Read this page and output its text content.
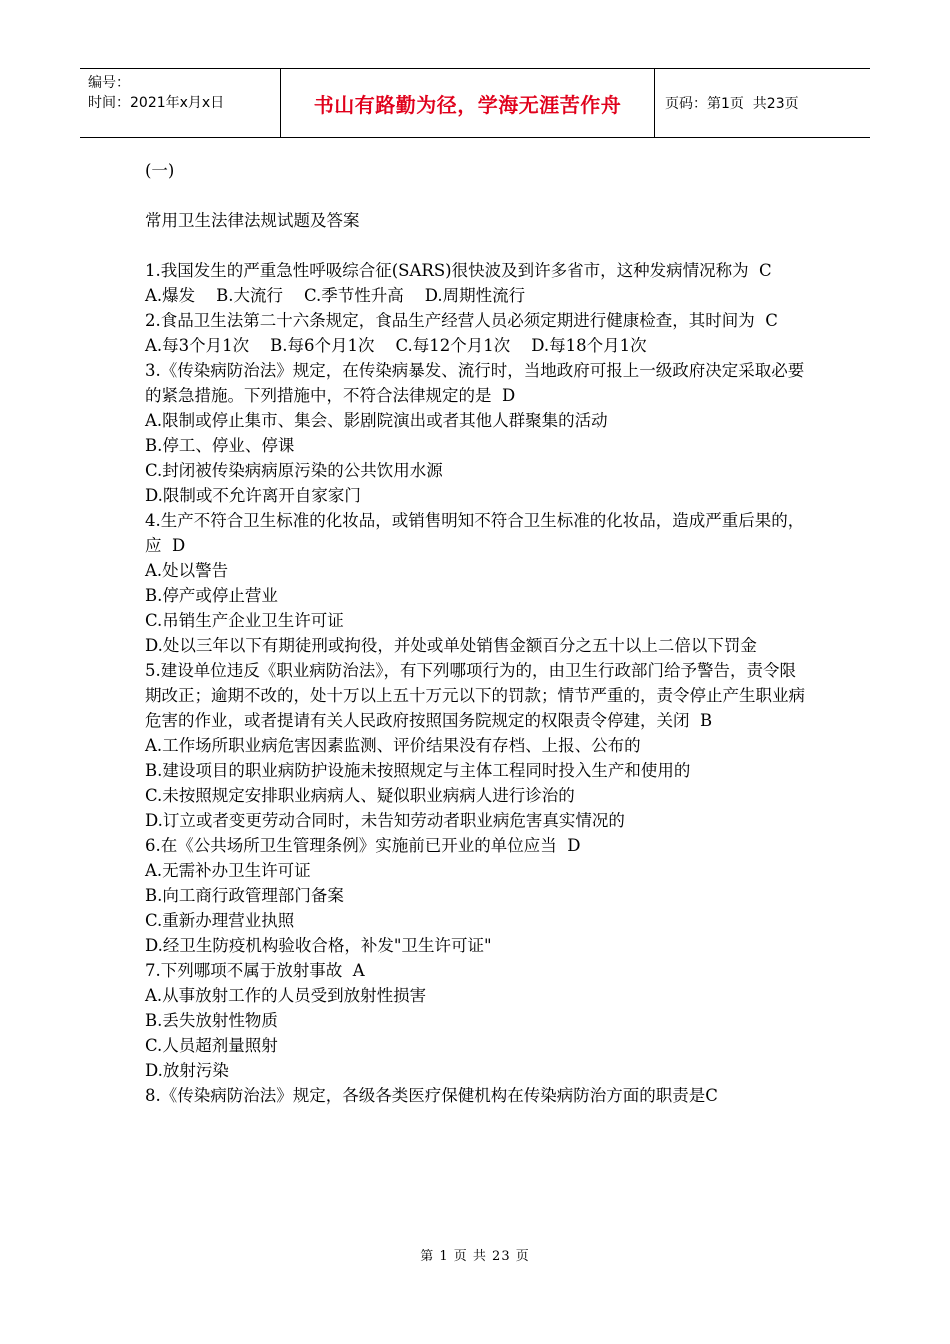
编号：
时间：2021年x月x日	书山有路勤为径，学海无涯苦作舟	页码：第1页  共23页

(一)

常用卫生法律法规试题及答案

1.我国发生的严重急性呼吸综合征(SARS)很快波及到许多省市，这种发病情况称为  C

A.爆发    B.大流行    C.季节性升高    D.周期性流行

2.食品卫生法第二十六条规定，食品生产经营人员必须定期进行健康检查，其时间为  C

A.每3个月1次    B.每6个月1次    C.每12个月1次    D.每18个月1次

3.《传染病防治法》规定，在传染病暴发、流行时，当地政府可报上一级政府决定采取必要的紧急措施。下列措施中，不符合法律规定的是  D

A.限制或停止集市、集会、影剧院演出或者其他人群聚集的活动

B.停工、停业、停课

C.封闭被传染病病原污染的公共饮用水源

D.限制或不允许离开自家家门

4.生产不符合卫生标准的化妆品，或销售明知不符合卫生标准的化妆品，造成严重后果的，应  D

A.处以警告

B.停产或停止营业

C.吊销生产企业卫生许可证

D.处以三年以下有期徒刑或拘役，并处或单处销售金额百分之五十以上二倍以下罚金

5.建设单位违反《职业病防治法》，有下列哪项行为的，由卫生行政部门给予警告，责令限期改正；逾期不改的，处十万以上五十万元以下的罚款；情节严重的，责令停止产生职业病危害的作业，或者提请有关人民政府按照国务院规定的权限责令停建，关闭  B

A.工作场所职业病危害因素监测、评价结果没有存档、上报、公布的

B.建设项目的职业病防护设施未按照规定与主体工程同时投入生产和使用的

C.未按照规定安排职业病病人、疑似职业病病人进行诊治的

D.订立或者变更劳动合同时，未告知劳动者职业病危害真实情况的

6.在《公共场所卫生管理条例》实施前已开业的单位应当  D

A.无需补办卫生许可证

B.向工商行政管理部门备案

C.重新办理营业执照

D.经卫生防疫机构验收合格，补发"卫生许可证"

7.下列哪项不属于放射事故  A

A.从事放射工作的人员受到放射性损害

B.丢失放射性物质

C.人员超剂量照射

D.放射污染

8.《传染病防治法》规定，各级各类医疗保健机构在传染病防治方面的职责是C

第 1 页 共 23 页
